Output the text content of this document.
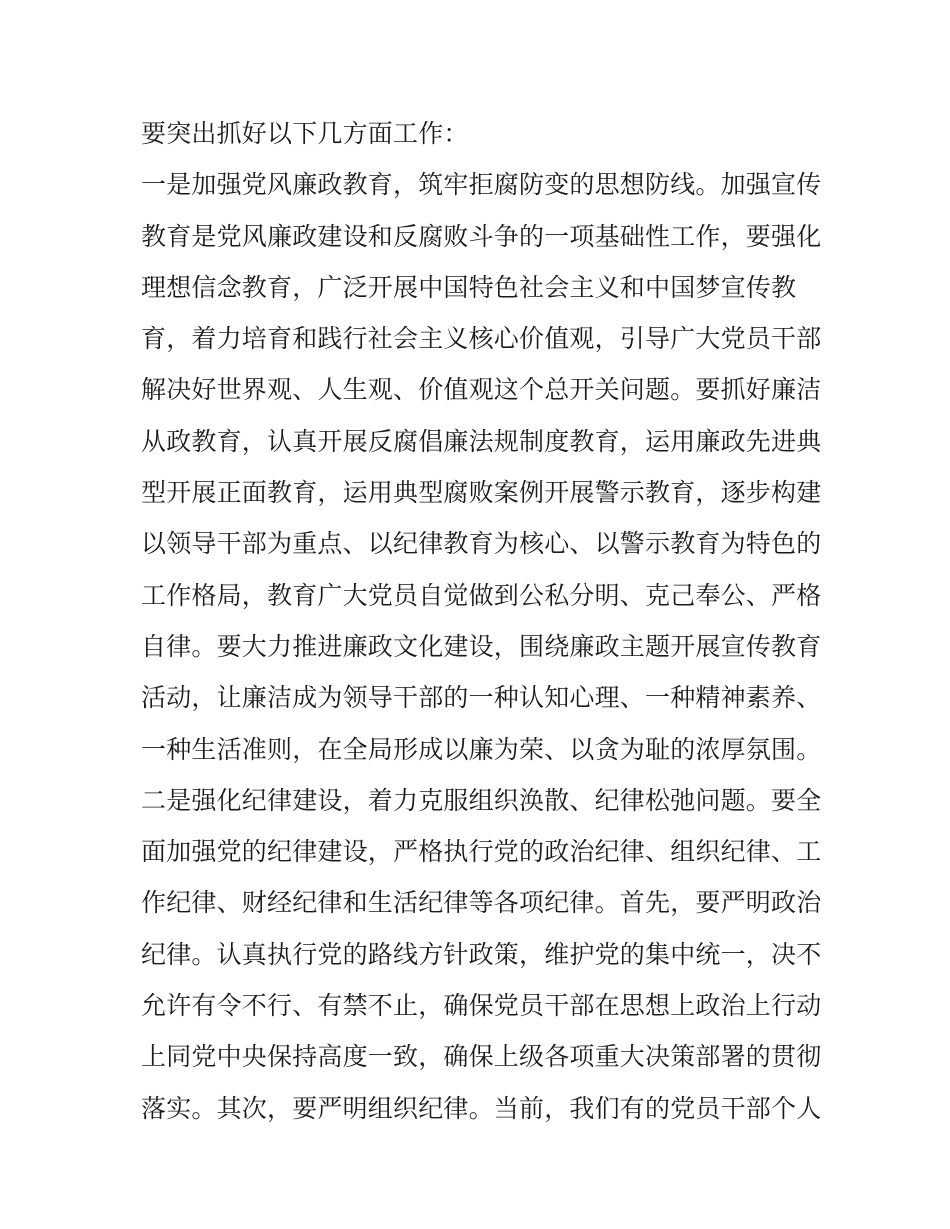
要突出抓好以下几方面工作：
一是加强党风廉政教育，筑牢拒腐防变的思想防线。加强宣传
教育是党风廉政建设和反腐败斗争的一项基础性工作，要强化
理想信念教育，广泛开展中国特色社会主义和中国梦宣传教
育，着力培育和践行社会主义核心价值观，引导广大党员干部
解决好世界观、人生观、价值观这个总开关问题。要抓好廉洁
从政教育，认真开展反腐倡廉法规制度教育，运用廉政先进典
型开展正面教育，运用典型腐败案例开展警示教育，逐步构建
以领导干部为重点、以纪律教育为核心、以警示教育为特色的
工作格局，教育广大党员自觉做到公私分明、克己奉公、严格
自律。要大力推进廉政文化建设，围绕廉政主题开展宣传教育
活动，让廉洁成为领导干部的一种认知心理、一种精神素养、
一种生活准则，在全局形成以廉为荣、以贪为耻的浓厚氛围。
二是强化纪律建设，着力克服组织涣散、纪律松弛问题。要全
面加强党的纪律建设，严格执行党的政治纪律、组织纪律、工
作纪律、财经纪律和生活纪律等各项纪律。首先，要严明政治
纪律。认真执行党的路线方针政策，维护党的集中统一，决不
允许有令不行、有禁不止，确保党员干部在思想上政治上行动
上同党中央保持高度一致，确保上级各项重大决策部署的贯彻
落实。其次，要严明组织纪律。当前，我们有的党员干部个人
